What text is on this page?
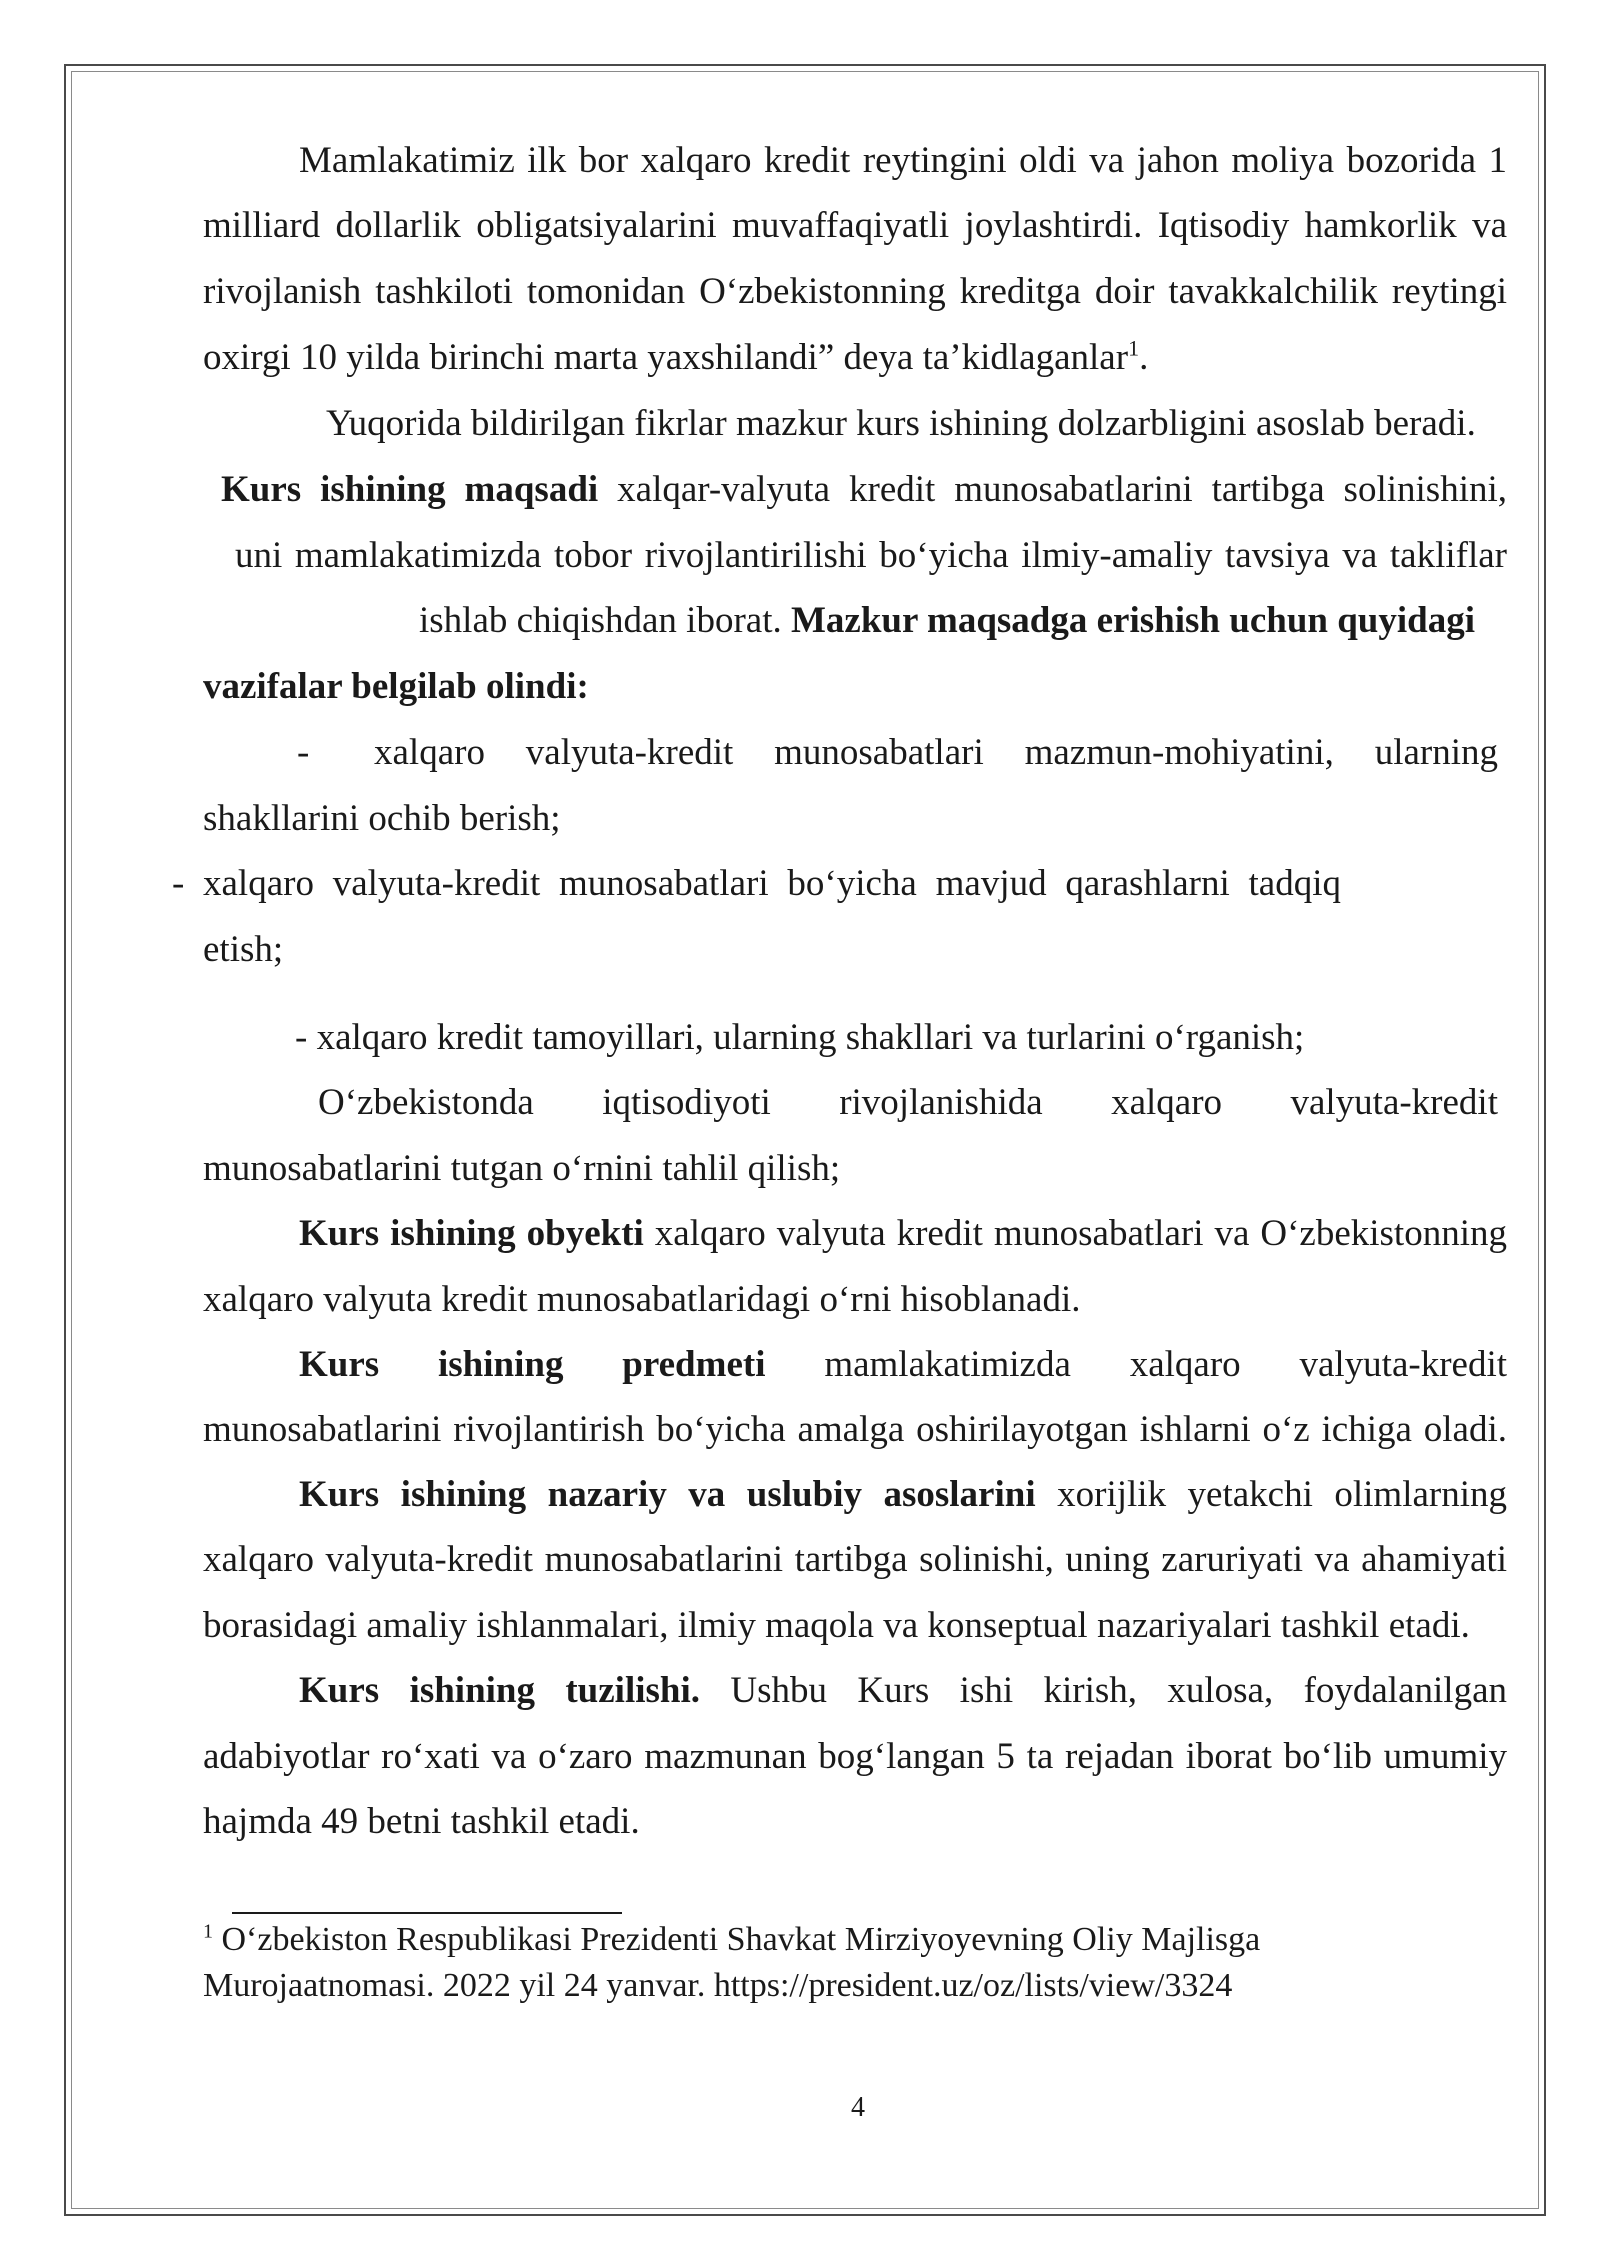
Mamlakatimiz ilk bor xalqaro kredit reytingini oldi va jahon moliya bozorida 1
milliard dollarlik obligatsiyalarini muvaffaqiyatli joylashtirdi. Iqtisodiy hamkorlik va
rivojlanish tashkiloti tomonidan O‘zbekistonning kreditga doir tavakkalchilik reytingi
oxirgi 10 yilda birinchi marta yaxshilandi” deya ta’kidlaganlar$^1$.
Yuqorida bildirilgan fikrlar mazkur kurs ishining dolzarbligini asoslab beradi.
Kurs ishining maqsadi xalqar-valyuta kredit munosabatlarini tartibga solinishini,
uni mamlakatimizda tobor rivojlantirilishi bo‘yicha ilmiy-amaliy tavsiya va takliflar
ishlab chiqishdan iborat. Mazkur maqsadga erishish uchun quyidagi
vazifalar belgilab olindi:
- xalqaro valyuta-kredit munosabatlari mazmun-mohiyatini, ularning
shakllarini ochib berish;
- xalqaro valyuta-kredit munosabatlari bo‘yicha mavjud qarashlarni tadqiq
etish;
- xalqaro kredit tamoyillari, ularning shakllari va turlarini o‘rganish;
O‘zbekistonda iqtisodiyoti rivojlanishida xalqaro valyuta-kredit
munosabatlarini tutgan o‘rnini tahlil qilish;
Kurs ishining obyekti xalqaro valyuta kredit munosabatlari va O‘zbekistonning
xalqaro valyuta kredit munosabatlaridagi o‘rni hisoblanadi.
Kurs ishining predmeti mamlakatimizda xalqaro valyuta-kredit
munosabatlarini rivojlantirish bo‘yicha amalga oshirilayotgan ishlarni o‘z ichiga oladi.
Kurs ishining nazariy va uslubiy asoslarini xorijlik yetakchi olimlarning
xalqaro valyuta-kredit munosabatlarini tartibga solinishi, uning zaruriyati va ahamiyati
borasidagi amaliy ishlanmalari, ilmiy maqola va konseptual nazariyalari tashkil etadi.
Kurs ishining tuzilishi. Ushbu Kurs ishi kirish, xulosa, foydalanilgan
adabiyotlar ro‘xati va o‘zaro mazmunan bog‘langan 5 ta rejadan iborat bo‘lib umumiy
hajmda 49 betni tashkil etadi.
$^1$ O‘zbekiston Respublikasi Prezidenti Shavkat Mirziyoyevning Oliy Majlisga
Murojaatnomasi. 2022 yil 24 yanvar. https://president.uz/oz/lists/view/3324
4
